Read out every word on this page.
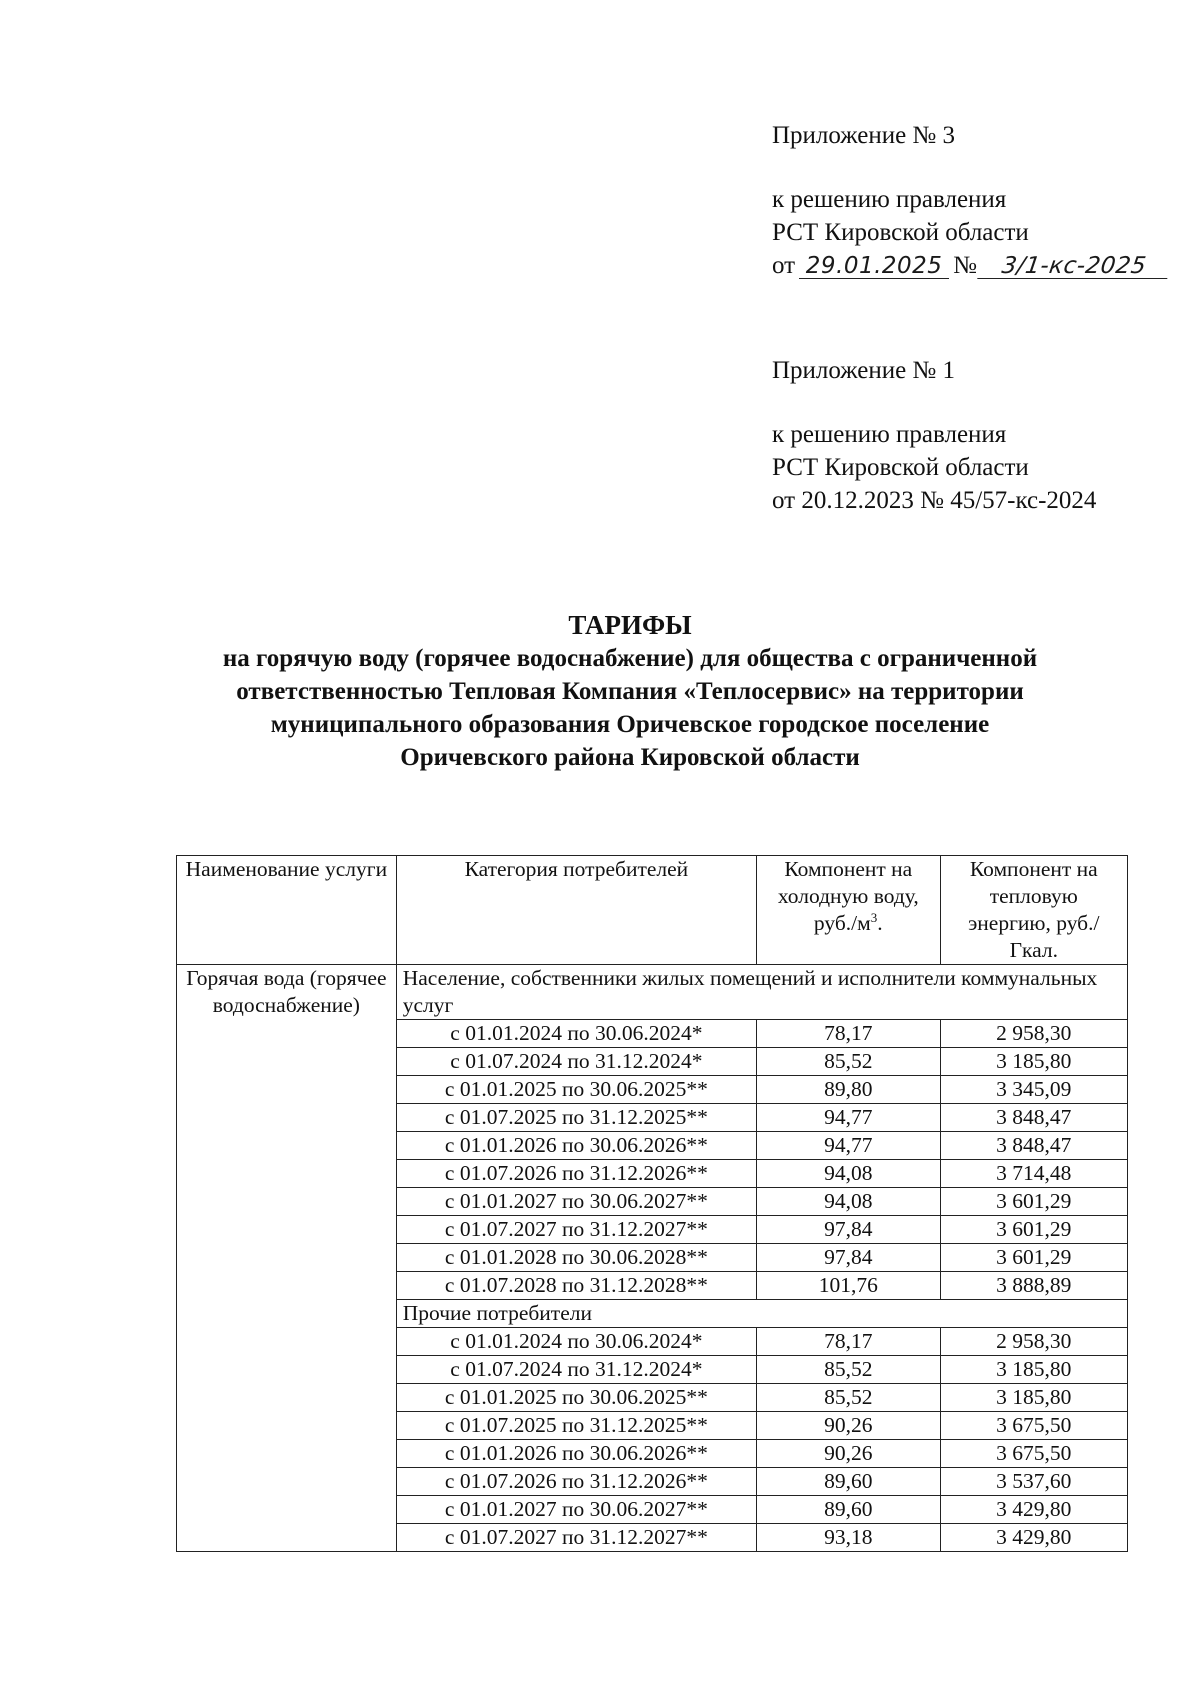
Приложение № 3

к решению правления

РСТ Кировской области

от 29.01.2025 № 3/1-кс-2025

Приложение № 1

к решению правления

РСТ Кировской области

от 20.12.2023 № 45/57-кс-2024

ТАРИФЫ
на горячую воду (горячее водоснабжение) для общества с ограниченной
ответственностью Тепловая Компания «Теплосервис» на территории
муниципального образования Оричевское городское поселение
Оричевского района Кировской области
Наименование услуги	Категория потребителей	Компонент на холодную воду, $руб./м^3$.	Компонент на тепловую энергию, руб./Гкал.
Горячая вода (горячее водоснабжение)	Население, собственники жилых помещений и исполнители коммунальных услуг		
	с 01.01.2024 по 30.06.2024*	78,17	2 958,30
	с 01.07.2024 по 31.12.2024*	85,52	3 185,80
	с 01.01.2025 по 30.06.2025**	89,80	3 345,09
	с 01.07.2025 по 31.12.2025**	94,77	3 848,47
	с 01.01.2026 по 30.06.2026**	94,77	3 848,47
	с 01.07.2026 по 31.12.2026**	94,08	3 714,48
	с 01.01.2027 по 30.06.2027**	94,08	3 601,29
	с 01.07.2027 по 31.12.2027**	97,84	3 601,29
	с 01.01.2028 по 30.06.2028**	97,84	3 601,29
	с 01.07.2028 по 31.12.2028**	101,76	3 888,89
	Прочие потребители		
	с 01.01.2024 по 30.06.2024*	78,17	2 958,30
	с 01.07.2024 по 31.12.2024*	85,52	3 185,80
	с 01.01.2025 по 30.06.2025**	85,52	3 185,80
	с 01.07.2025 по 31.12.2025**	90,26	3 675,50
	с 01.01.2026 по 30.06.2026**	90,26	3 675,50
	с 01.07.2026 по 31.12.2026**	89,60	3 537,60
	с 01.01.2027 по 30.06.2027**	89,60	3 429,80
	с 01.07.2027 по 31.12.2027**	93,18	3 429,80
